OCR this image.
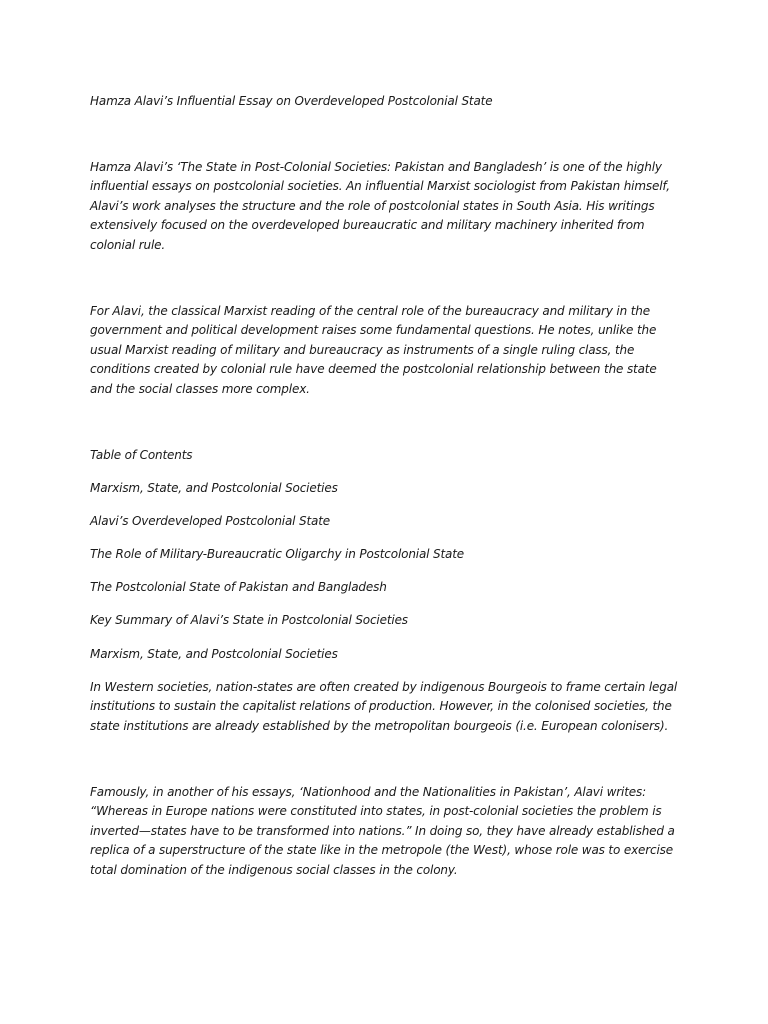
Hamza Alavi’s Influential Essay on Overdeveloped Postcolonial State

Hamza Alavi’s ‘The State in Post-Colonial Societies: Pakistan and Bangladesh’ is one of the highly influential essays on postcolonial societies. An influential Marxist sociologist from Pakistan himself, Alavi’s work analyses the structure and the role of postcolonial states in South Asia. His writings extensively focused on the overdeveloped bureaucratic and military machinery inherited from colonial rule.

For Alavi, the classical Marxist reading of the central role of the bureaucracy and military in the government and political development raises some fundamental questions. He notes, unlike the usual Marxist reading of military and bureaucracy as instruments of a single ruling class, the conditions created by colonial rule have deemed the postcolonial relationship between the state and the social classes more complex.

Table of Contents

Marxism, State, and Postcolonial Societies

Alavi’s Overdeveloped Postcolonial State

The Role of Military-Bureaucratic Oligarchy in Postcolonial State

The Postcolonial State of Pakistan and Bangladesh

Key Summary of Alavi’s State in Postcolonial Societies

Marxism, State, and Postcolonial Societies

In Western societies, nation-states are often created by indigenous Bourgeois to frame certain legal institutions to sustain the capitalist relations of production. However, in the colonised societies, the state institutions are already established by the metropolitan bourgeois (i.e. European colonisers).

Famously, in another of his essays, ‘Nationhood and the Nationalities in Pakistan’, Alavi writes: “Whereas in Europe nations were constituted into states, in post-colonial societies the problem is inverted—states have to be transformed into nations.” In doing so, they have already established a replica of a superstructure of the state like in the metropole (the West), whose role was to exercise total domination of the indigenous social classes in the colony.
